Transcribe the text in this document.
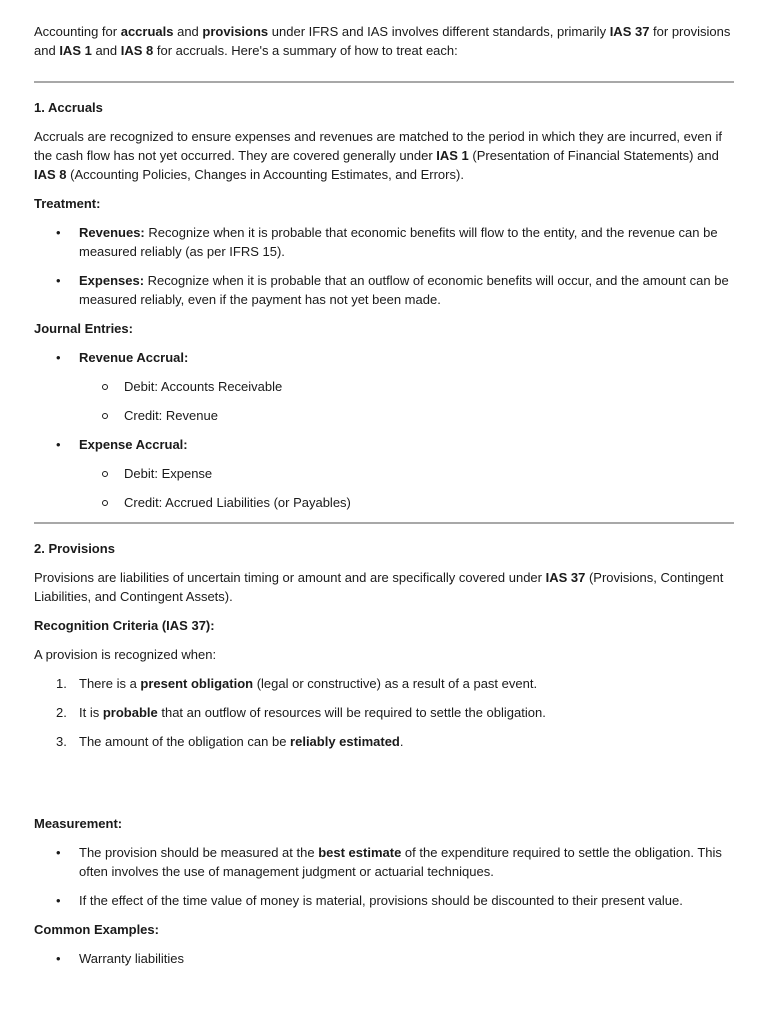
Accounting for accruals and provisions under IFRS and IAS involves different standards, primarily IAS 37 for provisions and IAS 1 and IAS 8 for accruals. Here's a summary of how to treat each:

1. Accruals

Accruals are recognized to ensure expenses and revenues are matched to the period in which they are incurred, even if the cash flow has not yet occurred. They are covered generally under IAS 1 (Presentation of Financial Statements) and IAS 8 (Accounting Policies, Changes in Accounting Estimates, and Errors).

Treatment:

• Revenues: Recognize when it is probable that economic benefits will flow to the entity, and the revenue can be measured reliably (as per IFRS 15).
• Expenses: Recognize when it is probable that an outflow of economic benefits will occur, and the amount can be measured reliably, even if the payment has not yet been made.

Journal Entries:

• Revenue Accrual:
Debit: Accounts Receivable
Credit: Revenue
• Expense Accrual:
Debit: Expense
Credit: Accrued Liabilities (or Payables)

2. Provisions

Provisions are liabilities of uncertain timing or amount and are specifically covered under IAS 37 (Provisions, Contingent Liabilities, and Contingent Assets).

Recognition Criteria (IAS 37):

A provision is recognized when:

1. There is a present obligation (legal or constructive) as a result of a past event.
2. It is probable that an outflow of resources will be required to settle the obligation.
3. The amount of the obligation can be reliably estimated.

Measurement:

• The provision should be measured at the best estimate of the expenditure required to settle the obligation. This often involves the use of management judgment or actuarial techniques.
• If the effect of the time value of money is material, provisions should be discounted to their present value.

Common Examples:

• Warranty liabilities
